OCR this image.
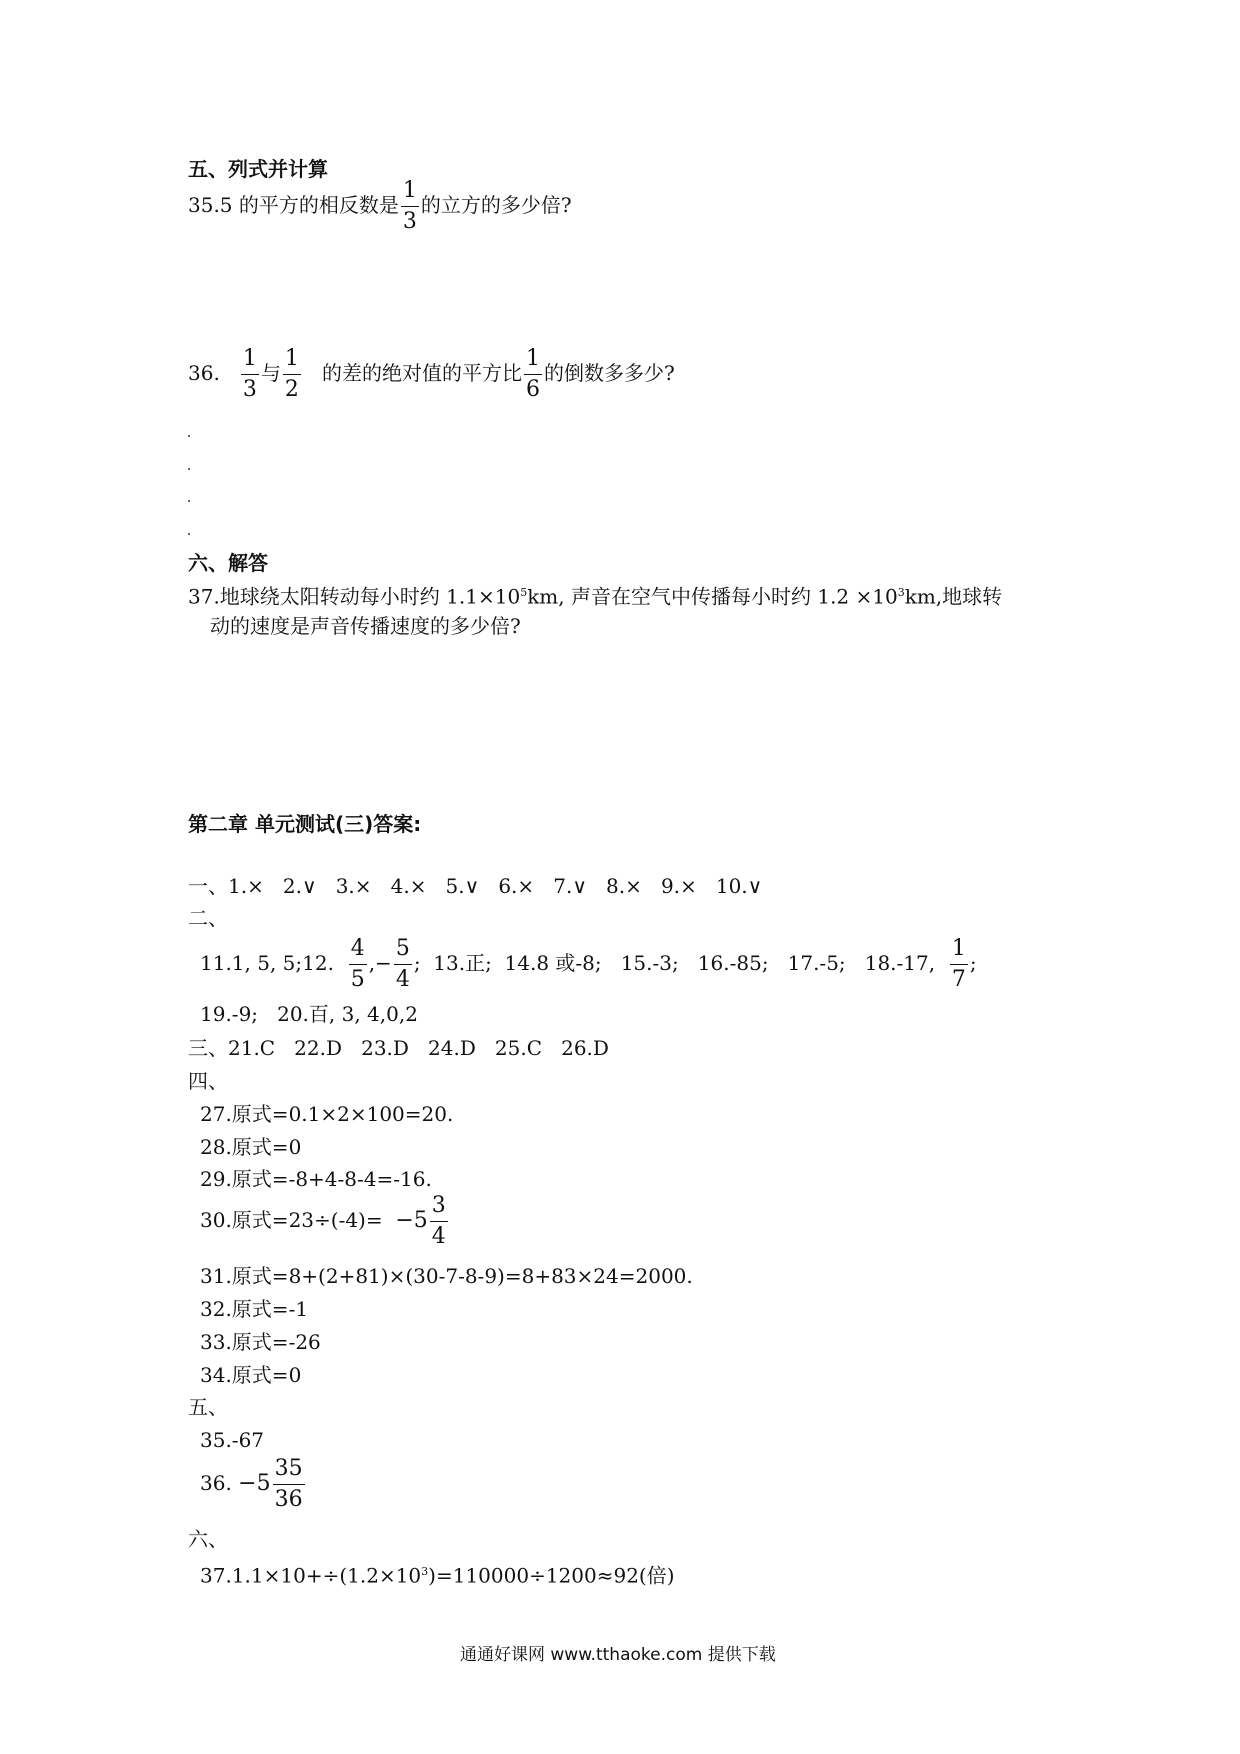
五、列式并计算
35.5 的平方的相反数是 $\frac{1}{3}$ 的立方的多少倍?
36. $\frac{1}{3}$ 与 $\frac{1}{2}$ 的差的绝对值的平方比 $\frac{1}{6}$ 的倒数多多少?
六、解答
37.地球绕太阳转动每小时约 $1.1\times 10^5km$, 声音在空气中传播每小时约 $1.2 \times 10^3km$,地球转
动的速度是声音传播速度的多少倍?
第二章 单元测试(三)答案:
一、1.×   2.∨   3.×   4.×   5.∨   6.×   7.∨   8.×   9.×   10.∨
二、
11.1, 5, 5;12. $\frac{4}{5}$ ,− $\frac{5}{4}$ ;  13.正;  14.8 或-8;   15.-3;   16.-85;   17.-5;   18.-17, $\frac{1}{7}$ ;
19.-9;   20.百, 3, 4,0,2
三、21.C   22.D   23.D   24.D   25.C   26.D
四、
27.原式=0.1×2×100=20.
28.原式=0
29.原式=-8+4-8-4=-16.
30.原式$=23\div(-4)= -5 \frac{3}{4}$
31.原式=8+(2+81)×(30-7-8-9)=8+83×24=2000.
32.原式=-1
33.原式=-26
34.原式=0
五、
35.-67
36. $-5 \frac{35}{36}$
六、
$37.1.1\times 10+\div(1.2\times 10^3)=110000\div 1200\approx 92$(倍)
通通好课网 www.tthaoke.com 提供下载
